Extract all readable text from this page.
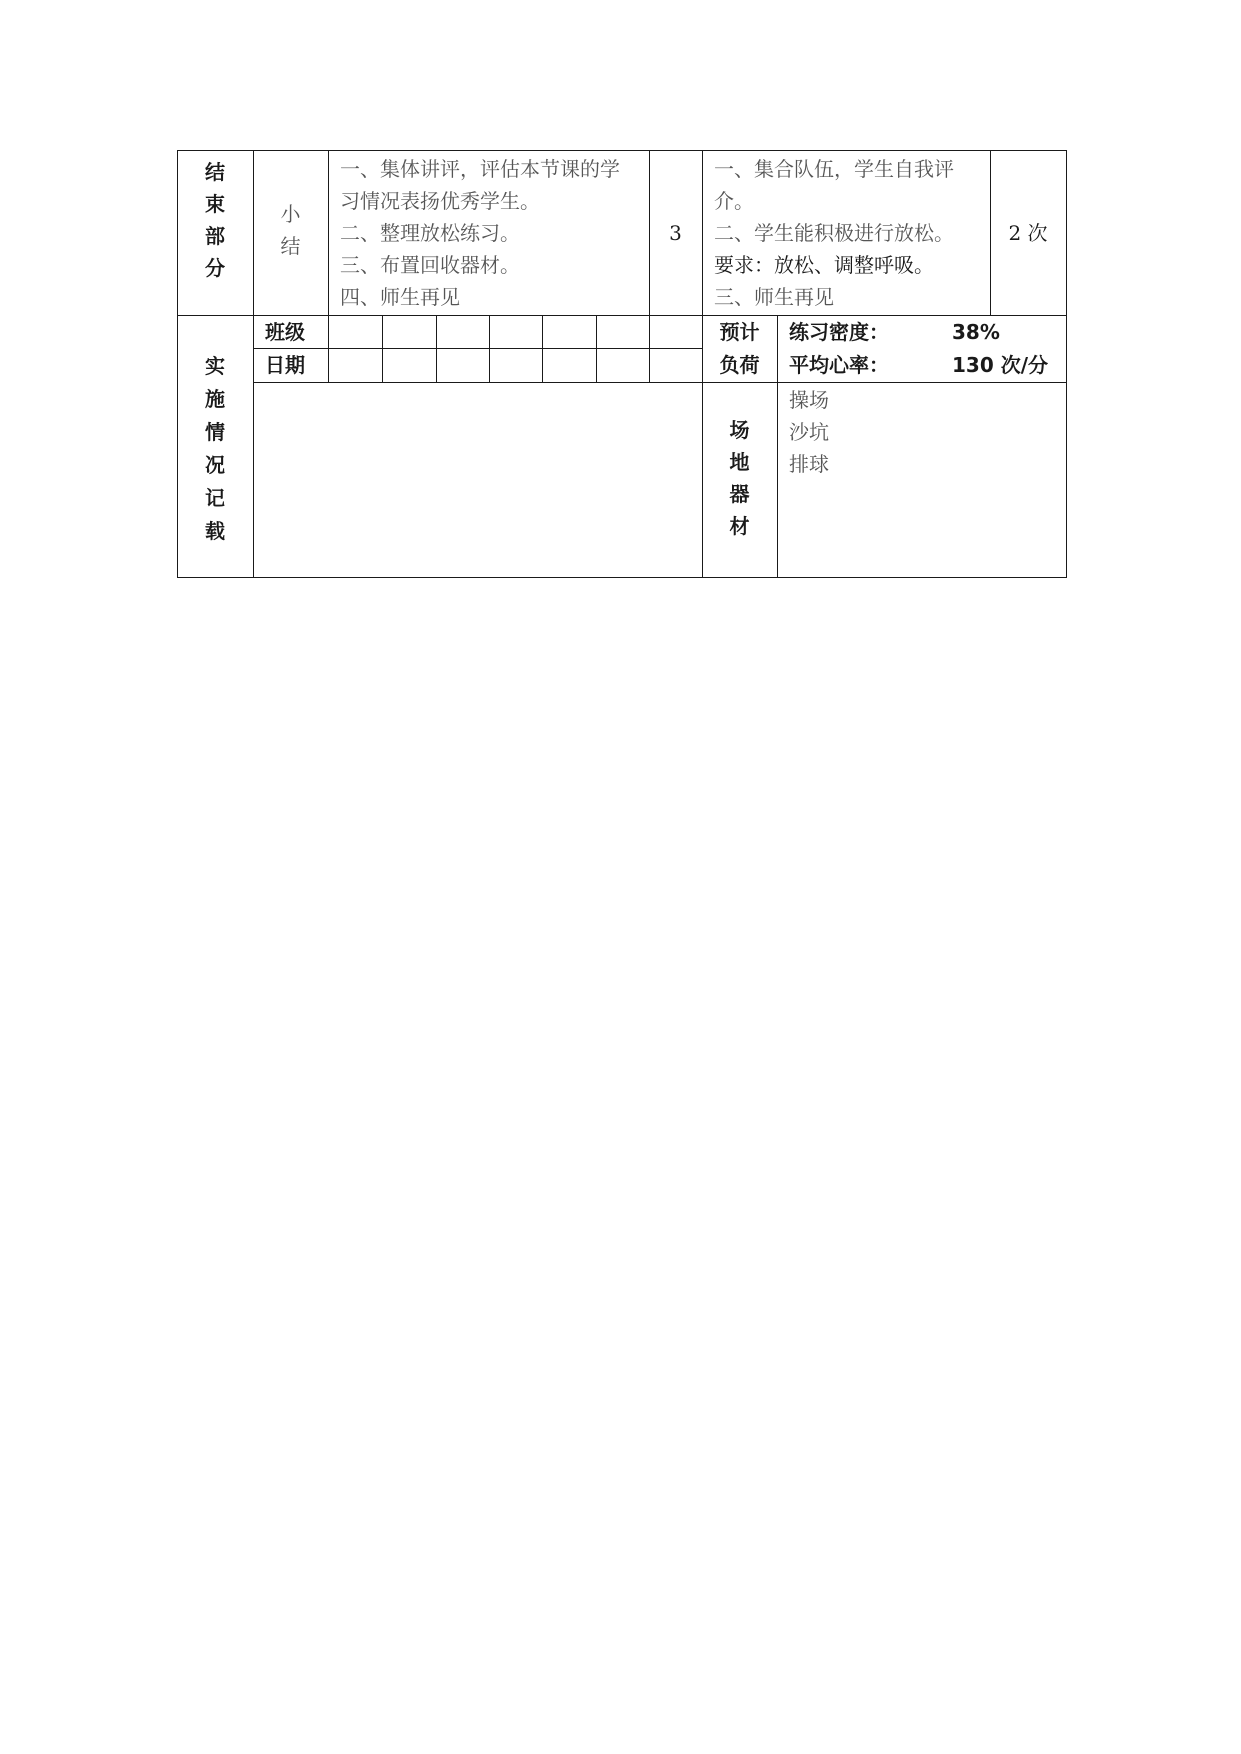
结
束
部
分
小
结
一、集体讲评，评估本节课的学
习情况表扬优秀学生。
二、整理放松练习。
三、布置回收器材。
四、师生再见
3
一、集合队伍，学生自我评
介。
二、学生能积极进行放松。
要求：放松、调整呼吸。
三、师生再见
2 次
实
施
情
况
记
载
班级
日期
预计
负荷
练习密度：	38%
平均心率：	130 次/分
场
地
器
材
操场
沙坑
排球
